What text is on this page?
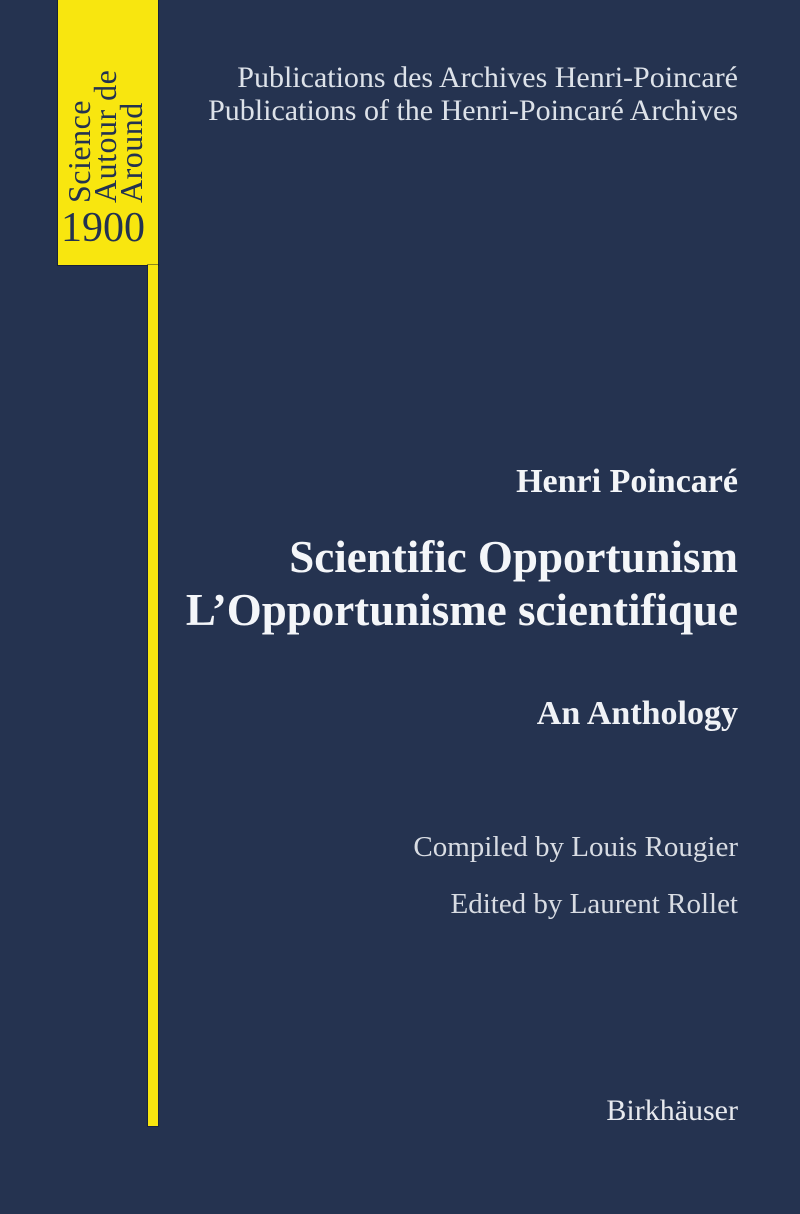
Science
Autour de
Around
1900
Publications des Archives Henri-Poincaré
Publications of the Henri-Poincaré Archives
Henri Poincaré
Scientific Opportunism
L’Opportunisme scientifique
An Anthology
Compiled by Louis Rougier
Edited by Laurent Rollet
Birkhäuser
